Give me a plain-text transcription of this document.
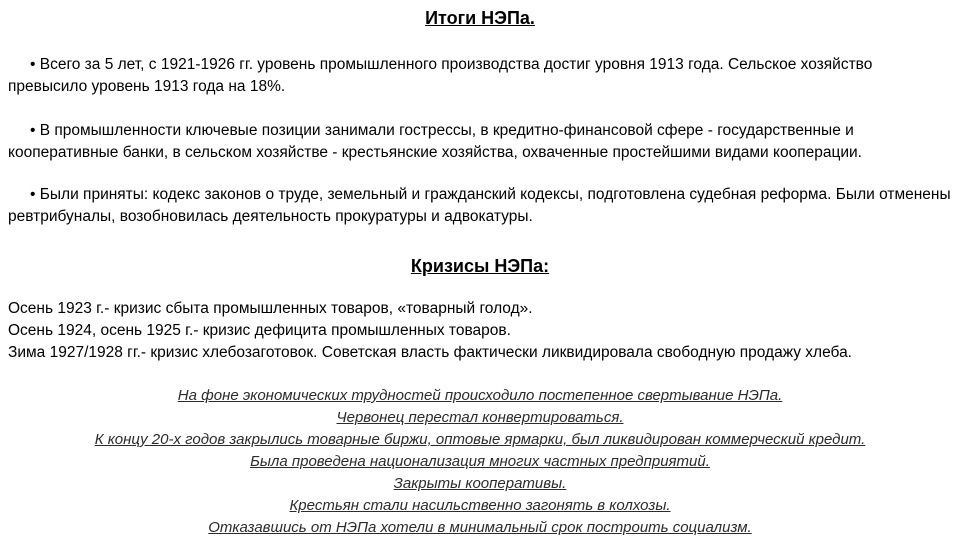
Итоги НЭПа.

• Всего за 5 лет, с 1921-1926 гг. уровень промышленного производства достиг уровня 1913 года. Сельское хозяйство превысило уровень 1913 года на 18%.

• В промышленности ключевые позиции занимали гострессы, в кредитно-финансовой сфере - государственные и кооперативные банки, в сельском хозяйстве - крестьянские хозяйства, охваченные простейшими видами кооперации.

• Были приняты: кодекс законов о труде, земельный и гражданский кодексы, подготовлена судебная реформа. Были отменены ревтрибуналы, возобновилась деятельность прокуратуры и адвокатуры.

Кризисы НЭПа:
Осень 1923 г.- кризис сбыта промышленных товаров, «товарный голод».
Осень 1924, осень 1925 г.- кризис дефицита промышленных товаров.
Зима 1927/1928 гг.- кризис хлебозаготовок. Советская власть фактически ликвидировала свободную продажу хлеба.
На фоне экономических трудностей происходило постепенное свертывание НЭПа.
Червонец перестал конвертироваться.
К концу 20-х годов закрылись товарные биржи, оптовые ярмарки, был ликвидирован коммерческий кредит.
Была проведена национализация многих частных предприятий.
Закрыты кооперативы.
Крестьян стали насильственно загонять в колхозы.
Отказавшись от НЭПа хотели в минимальный срок построить социализм.
